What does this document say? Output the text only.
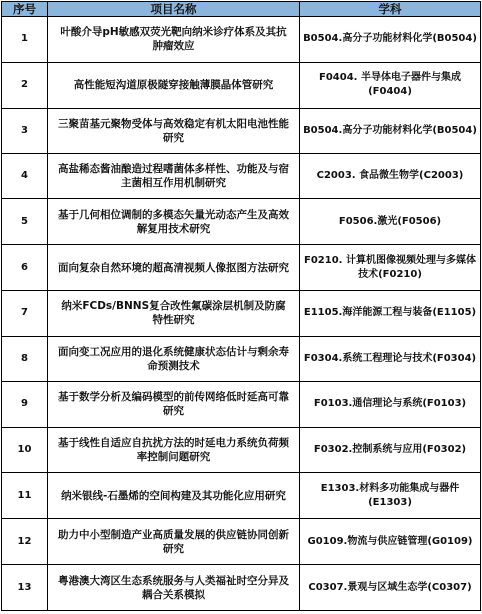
序号	项目名称	学科
1	叶酸介导pH敏感双荧光靶向纳米诊疗体系及其抗肿瘤效应	B0504.高分子功能材料化学(B0504)
2	高性能短沟道原极隧穿接触薄膜晶体管研究	F0404. 半导体电子器件与集成(F0404)
3	三聚苗基元聚物受体与高效稳定有机太阳电池性能研究	B0504.高分子功能材料化学(B0504)
4	高盐稀态酱油酿造过程嗜菌体多样性、功能及与宿主菌相互作用机制研究	C2003. 食品微生物学(C2003)
5	基于几何相位调制的多模态矢量光动态产生及高效解复用技术研究	F0506.激光(F0506)
6	面向复杂自然环境的超高清视频人像抠图方法研究	F0210. 计算机图像视频处理与多媒体技术(F0210)
7	纳米FCDs/BNNS复合改性氟碳涂层机制及防腐特性研究	E1105.海洋能源工程与装备(E1105)
8	面向变工况应用的退化系统健康状态估计与剩余寿命预测技术	F0304.系统工程理论与技术(F0304)
9	基于数学分析及编码模型的前传网络低时延高可靠研究	F0103.通信理论与系统(F0103)
10	基于线性自适应自抗扰方法的时延电力系统负荷频率控制问题研究	F0302.控制系统与应用(F0302)
11	纳米银线-石墨烯的空间构建及其功能化应用研究	E1303.材料多功能集成与器件(E1303)
12	助力中小型制造产业高质量发展的供应链协同创新研究	G0109.物流与供应链管理(G0109)
13	粤港澳大湾区生态系统服务与人类福祉时空分异及耦合关系模拟	C0307.景观与区域生态学(C0307)
